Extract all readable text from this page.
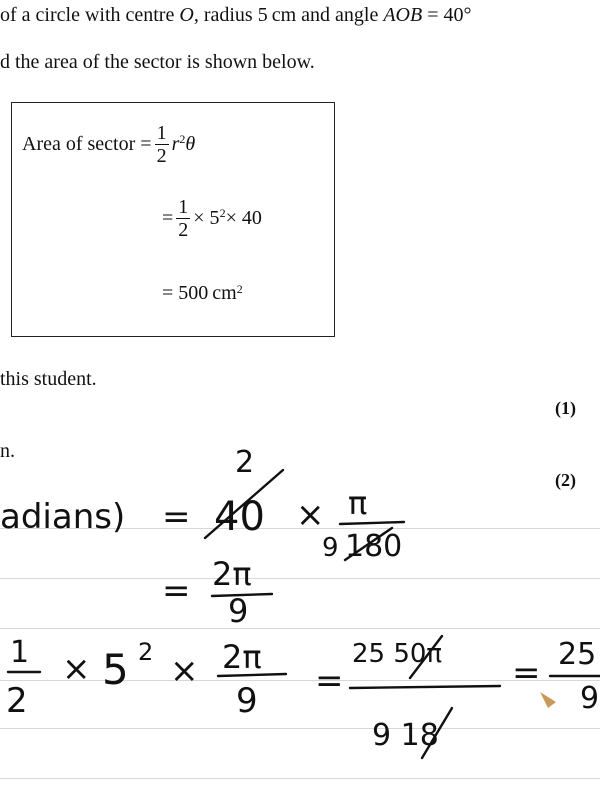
of a circle with centre O, radius 5 cm and angle AOB = 40°
d the area of the sector is shown below.
Area of sector = $\frac{1}{2} r^2$ θ
= $\frac{1}{2} \times 5^2 \times 40$
= 500 $cm^2$
this student.
(1)
n.
(2)
adians) = 40
2
× π
9 180
= 2π
9
1
2
× 5 2 × 2π
9 =
25 50π
9 18
= 25
9
